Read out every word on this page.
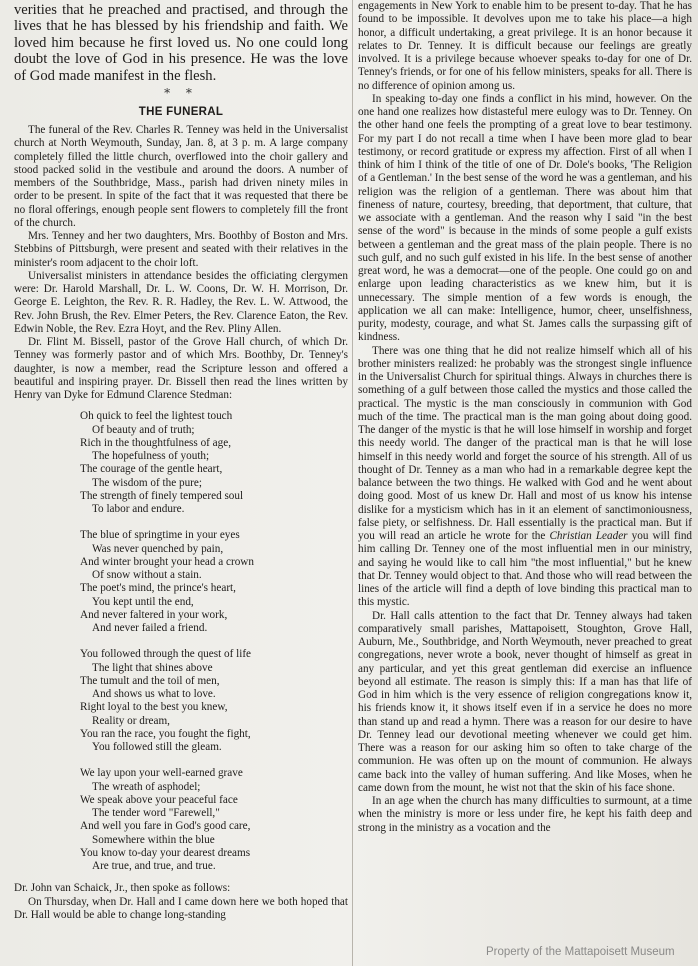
verities that he preached and practised, and through the lives that he has blessed by his friendship and faith. We loved him because he first loved us. No one could long doubt the love of God in his presence. He was the love of God made manifest in the flesh.

* *
THE FUNERAL

The funeral of the Rev. Charles R. Tenney was held in the Universalist church at North Weymouth, Sunday, Jan. 8, at 3 p. m. A large company completely filled the little church, overflowed into the choir gallery and stood packed solid in the vestibule and around the doors. A number of members of the Southbridge, Mass., parish had driven ninety miles in order to be present. In spite of the fact that it was requested that there be no floral offerings, enough people sent flowers to completely fill the front of the church.

Mrs. Tenney and her two daughters, Mrs. Boothby of Boston and Mrs. Stebbins of Pittsburgh, were present and seated with their relatives in the minister's room adjacent to the choir loft.

Universalist ministers in attendance besides the officiating clergymen were: Dr. Harold Marshall, Dr. L. W. Coons, Dr. W. H. Morrison, Dr. George E. Leighton, the Rev. R. R. Hadley, the Rev. L. W. Attwood, the Rev. John Brush, the Rev. Elmer Peters, the Rev. Clarence Eaton, the Rev. Edwin Noble, the Rev. Ezra Hoyt, and the Rev. Pliny Allen.

Dr. Flint M. Bissell, pastor of the Grove Hall church, of which Dr. Tenney was formerly pastor and of which Mrs. Boothby, Dr. Tenney's daughter, is now a member, read the Scripture lesson and offered a beautiful and inspiring prayer. Dr. Bissell then read the lines written by Henry van Dyke for Edmund Clarence Stedman:

Oh quick to feel the lightest touch
Of beauty and of truth;
Rich in the thoughtfulness of age,
The hopefulness of youth;
The courage of the gentle heart,
The wisdom of the pure;
The strength of finely tempered soul
To labor and endure.
The blue of springtime in your eyes
Was never quenched by pain,
And winter brought your head a crown
Of snow without a stain.
The poet's mind, the prince's heart,
You kept until the end,
And never faltered in your work,
And never failed a friend.
You followed through the quest of life
The light that shines above
The tumult and the toil of men,
And shows us what to love.
Right loyal to the best you knew,
Reality or dream,
You ran the race, you fought the fight,
You followed still the gleam.
We lay upon your well-earned grave
The wreath of asphodel;
We speak above your peaceful face
The tender word "Farewell,"
And well you fare in God's good care,
Somewhere within the blue
You know to-day your dearest dreams
Are true, and true, and true.

Dr. John van Schaick, Jr., then spoke as follows:

On Thursday, when Dr. Hall and I came down here we both hoped that Dr. Hall would be able to change long-standing

engagements in New York to enable him to be present to-day. That he has found to be impossible. It devolves upon me to take his place—a high honor, a difficult undertaking, a great privilege. It is an honor because it relates to Dr. Tenney. It is difficult because our feelings are greatly involved. It is a privilege because whoever speaks to-day for one of Dr. Tenney's friends, or for one of his fellow ministers, speaks for all. There is no difference of opinion among us.

In speaking to-day one finds a conflict in his mind, however. On the one hand one realizes how distasteful mere eulogy was to Dr. Tenney. On the other hand one feels the prompting of a great love to bear testimony. For my part I do not recall a time when I have been more glad to bear testimony, or record gratitude or express my affection. First of all when I think of him I think of the title of one of Dr. Dole's books, 'The Religion of a Gentleman.' In the best sense of the word he was a gentleman, and his religion was the religion of a gentleman. There was about him that fineness of nature, courtesy, breeding, that deportment, that culture, that we associate with a gentleman. And the reason why I said "in the best sense of the word" is because in the minds of some people a gulf exists between a gentleman and the great mass of the plain people. There is no such gulf, and no such gulf existed in his life. In the best sense of another great word, he was a democrat—one of the people. One could go on and enlarge upon leading characteristics as we knew him, but it is unnecessary. The simple mention of a few words is enough, the application we all can make: Intelligence, humor, cheer, unselfishness, purity, modesty, courage, and what St. James calls the surpassing gift of kindness.

There was one thing that he did not realize himself which all of his brother ministers realized: he probably was the strongest single influence in the Universalist Church for spiritual things. Always in churches there is something of a gulf between those called the mystics and those called the practical. The mystic is the man consciously in communion with God much of the time. The practical man is the man going about doing good. The danger of the mystic is that he will lose himself in worship and forget this needy world. The danger of the practical man is that he will lose himself in this needy world and forget the source of his strength. All of us thought of Dr. Tenney as a man who had in a remarkable degree kept the balance between the two things. He walked with God and he went about doing good. Most of us knew Dr. Hall and most of us know his intense dislike for a mysticism which has in it an element of sanctimoniousness, false piety, or selfishness. Dr. Hall essentially is the practical man. But if you will read an article he wrote for the Christian Leader you will find him calling Dr. Tenney one of the most influential men in our ministry, and saying he would like to call him "the most influential," but he knew that Dr. Tenney would object to that. And those who will read between the lines of the article will find a depth of love binding this practical man to this mystic.

Dr. Hall calls attention to the fact that Dr. Tenney always had taken comparatively small parishes, Mattapoisett, Stoughton, Grove Hall, Auburn, Me., Southbridge, and North Weymouth, never preached to great congregations, never wrote a book, never thought of himself as great in any particular, and yet this great gentleman did exercise an influence beyond all estimate. The reason is simply this: If a man has that life of God in him which is the very essence of religion congregations know it, his friends know it, it shows itself even if in a service he does no more than stand up and read a hymn. There was a reason for our desire to have Dr. Tenney lead our devotional meeting whenever we could get him. There was a reason for our asking him so often to take charge of the communion. He was often up on the mount of communion. He always came back into the valley of human suffering. And like Moses, when he came down from the mount, he wist not that the skin of his face shone.

In an age when the church has many difficulties to surmount, at a time when the ministry is more or less under fire, he kept his faith deep and strong in the ministry as a vocation and the

Property of the Mattapoisett Museum
